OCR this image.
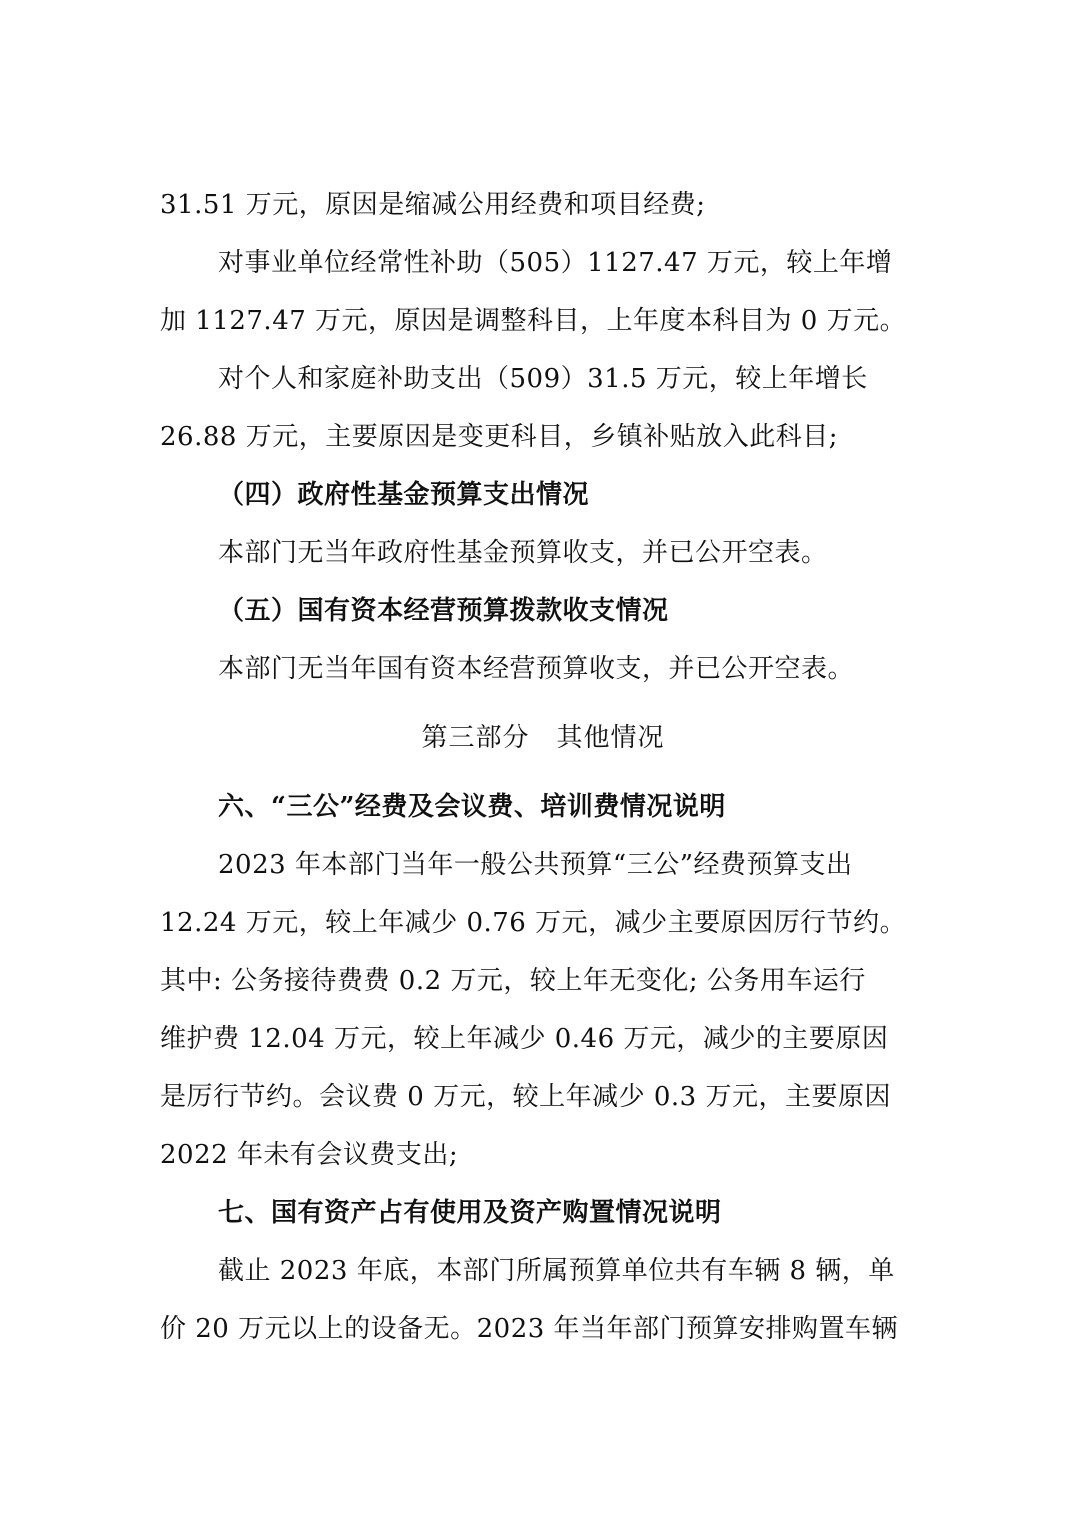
31.51 万元，原因是缩减公用经费和项目经费;
对事业单位经常性补助（505）1127.47 万元，较上年增
加 1127.47 万元，原因是调整科目，上年度本科目为 0 万元。
对个人和家庭补助支出（509）31.5 万元，较上年增长
26.88 万元，主要原因是变更科目，乡镇补贴放入此科目;
（四）政府性基金预算支出情况
本部门无当年政府性基金预算收支，并已公开空表。
（五）国有资本经营预算拨款收支情况
本部门无当年国有资本经营预算收支，并已公开空表。
第三部分　其他情况
六、“三公”经费及会议费、培训费情况说明
2023 年本部门当年一般公共预算“三公”经费预算支出
12.24 万元，较上年减少 0.76 万元，减少主要原因厉行节约。
其中: 公务接待费费 0.2 万元，较上年无变化; 公务用车运行
维护费 12.04 万元，较上年减少 0.46 万元，减少的主要原因
是厉行节约。会议费 0 万元，较上年减少 0.3 万元，主要原因
2022 年未有会议费支出;
七、国有资产占有使用及资产购置情况说明
截止 2023 年底，本部门所属预算单位共有车辆 8 辆，单
价 20 万元以上的设备无。2023 年当年部门预算安排购置车辆
